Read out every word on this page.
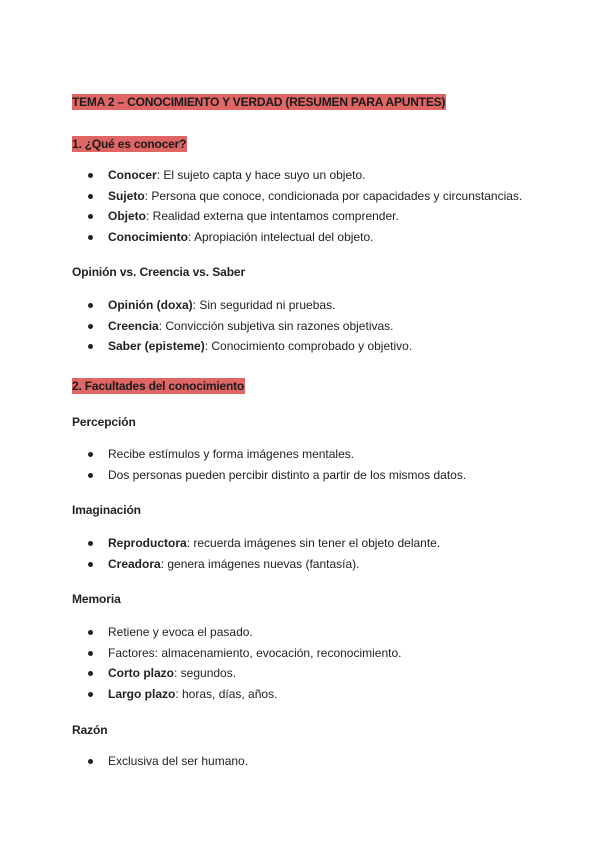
TEMA 2 – CONOCIMIENTO Y VERDAD (RESUMEN PARA APUNTES)
1. ¿Qué es conocer?
Conocer: El sujeto capta y hace suyo un objeto.
Sujeto: Persona que conoce, condicionada por capacidades y circunstancias.
Objeto: Realidad externa que intentamos comprender.
Conocimiento: Apropiación intelectual del objeto.
Opinión vs. Creencia vs. Saber
Opinión (doxa): Sin seguridad ni pruebas.
Creencia: Convicción subjetiva sin razones objetivas.
Saber (episteme): Conocimiento comprobado y objetivo.
2. Facultades del conocimiento
Percepción
Recibe estímulos y forma imágenes mentales.
Dos personas pueden percibir distinto a partir de los mismos datos.
Imaginación
Reproductora: recuerda imágenes sin tener el objeto delante.
Creadora: genera imágenes nuevas (fantasía).
Memoria
Retiene y evoca el pasado.
Factores: almacenamiento, evocación, reconocimiento.
Corto plazo: segundos.
Largo plazo: horas, días, años.
Razón
Exclusiva del ser humano.
